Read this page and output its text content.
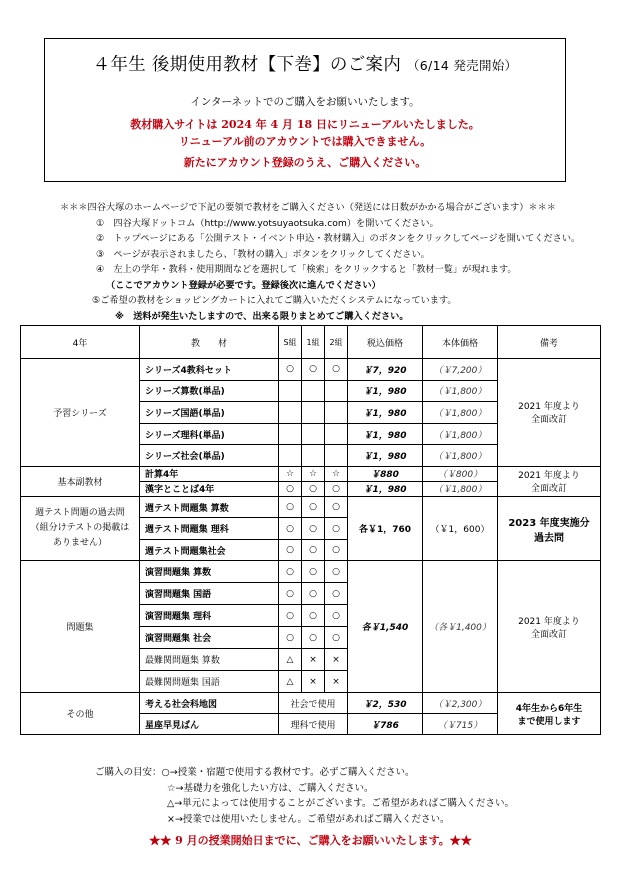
４年生 後期使用教材【下巻】のご案内 （6/14 発売開始）
インターネットでのご購入をお願いいたします。
教材購入サイトは 2024 年 4 月 18 日にリニューアルいたしました。
リニューアル前のアカウントでは購入できません。
新たにアカウント登録のうえ、ご購入ください。
＊＊＊四谷大塚のホームページで下記の要領で教材をご購入ください（発送には日数がかかる場合がございます）＊＊＊
①　四谷大塚ドットコム（http://www.yotsuyaotsuka.com）を開いてください。
②　トップページにある「公開テスト・イベント申込・教材購入」のボタンをクリックしてページを開いてください。
③　ページが表示されましたら、「教材の購入」ボタンをクリックしてください。
④　左上の学年・教科・使用期間などを選択して「検索」をクリックすると「教材一覧」が現れます。
（ここでアカウント登録が必要です。登録後次に進んでください）
⑤ご希望の教材をショッピングカートに入れてご購入いただくシステムになっています。
※　送料が発生いたしますので、出来る限りまとめてご購入ください。
4年	教　　材	S組	1組	2組	税込価格	本体価格	備考
予習シリーズ	シリーズ4教科セット	○	○	○	￥7，920	（￥7,200）	2021 年度より
全面改訂
	シリーズ算数(単品)				￥1，980	（￥1,800）	
	シリーズ国語(単品)				￥1，980	（￥1,800）	
	シリーズ理科(単品)				￥1，980	（￥1,800）	
	シリーズ社会(単品)				￥1，980	（￥1,800）	
基本副教材	計算4年	☆	☆	☆	￥880	（￥800）	2021 年度より
全面改訂
	漢字とことば4年	○	○	○	￥1，980	（￥1,800）	
週テスト問題の過去問（組分けテストの掲載はありません）	週テスト問題集 算数	○	○	○	各￥1，760	（￥1，600）	2023 年度実施分
過去問
	週テスト問題集 理科	○	○	○			
	週テスト問題集社会	○	○	○			
問題集	演習問題集 算数	○	○	○	各￥1,540	（各￥1,400）	2021 年度より
全面改訂
	演習問題集 国語	○	○	○			
	演習問題集 理科	○	○	○			
	演習問題集 社会	○	○	○			
	最難関問題集 算数	△	×	×			
	最難関問題集 国語	△	×	×			
その他	考える社会科地図	社会で使用			￥2，530	（￥2,300）	4年生から6年生
まで使用します
	星座早見ばん	理科で使用			￥786	（￥715）	
ご購入の目安：○→授業・宿題で使用する教材です。必ずご購入ください。
☆→基礎力を強化したい方は、ご購入ください。
△→単元によっては使用することがございます。ご希望があればご購入ください。
×→授業では使用いたしません。ご希望があればご購入ください。
★★ 9 月の授業開始日までに、ご購入をお願いいたします。★★
